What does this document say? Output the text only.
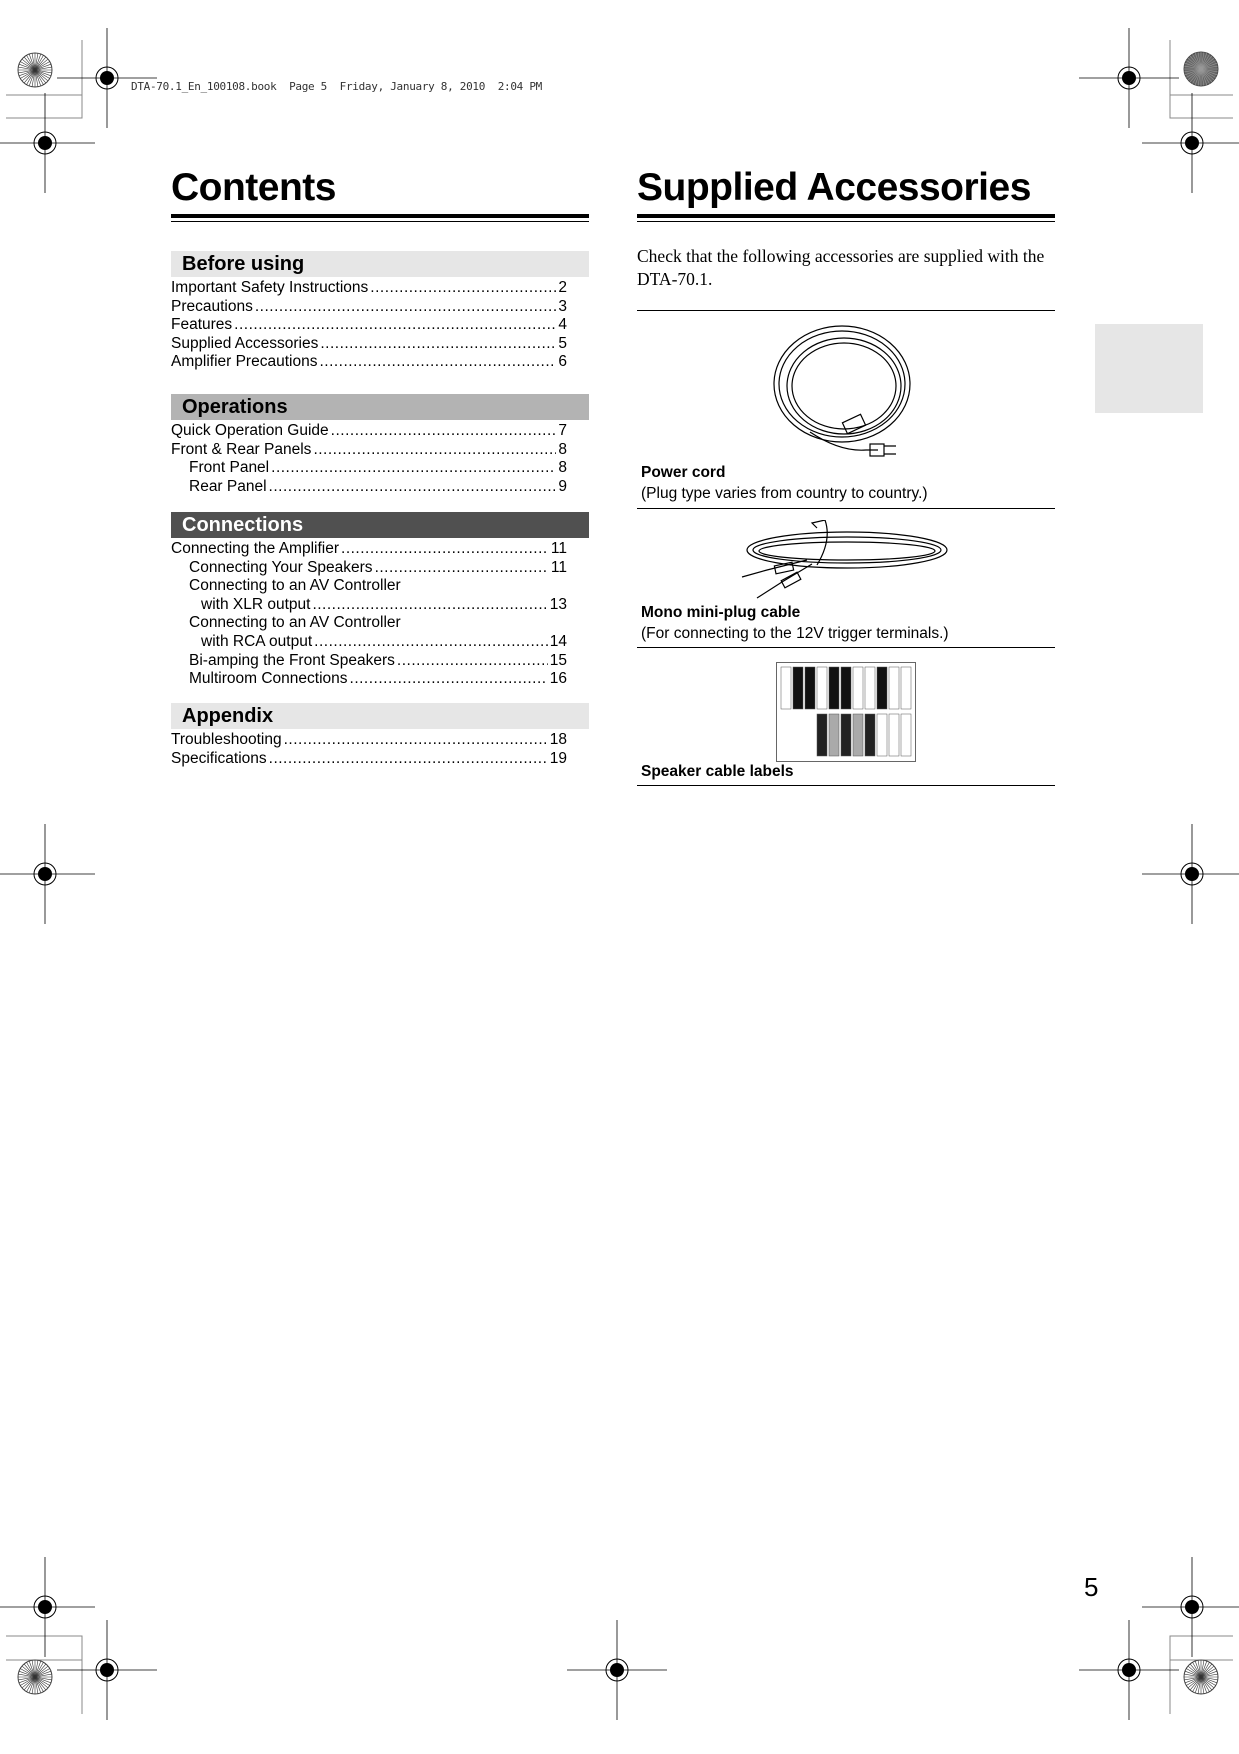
DTA-70.1_En_100108.book  Page 5  Friday, January 8, 2010  2:04 PM
Contents
Before using
Important Safety Instructions .....	2
Precautions .....	3
Features .....	4
Supplied Accessories .....	5
Amplifier Precautions .....	6
Operations
Quick Operation Guide .....	7
Front & Rear Panels .....	8
Front Panel .....	8
Rear Panel .....	9
Connections
Connecting the Amplifier .....	11
Connecting Your Speakers .....	11
Connecting to an AV Controller
with XLR output .....	13
Connecting to an AV Controller
with RCA output .....	14
Bi-amping the Front Speakers .....	15
Multiroom Connections .....	16
Appendix
Troubleshooting .....	18
Specifications .....	19
Supplied Accessories
Check that the following accessories are supplied with the DTA-70.1.
Power cord
(Plug type varies from country to country.)
Mono mini-plug cable
(For connecting to the 12V trigger terminals.)
Speaker cable labels
5
